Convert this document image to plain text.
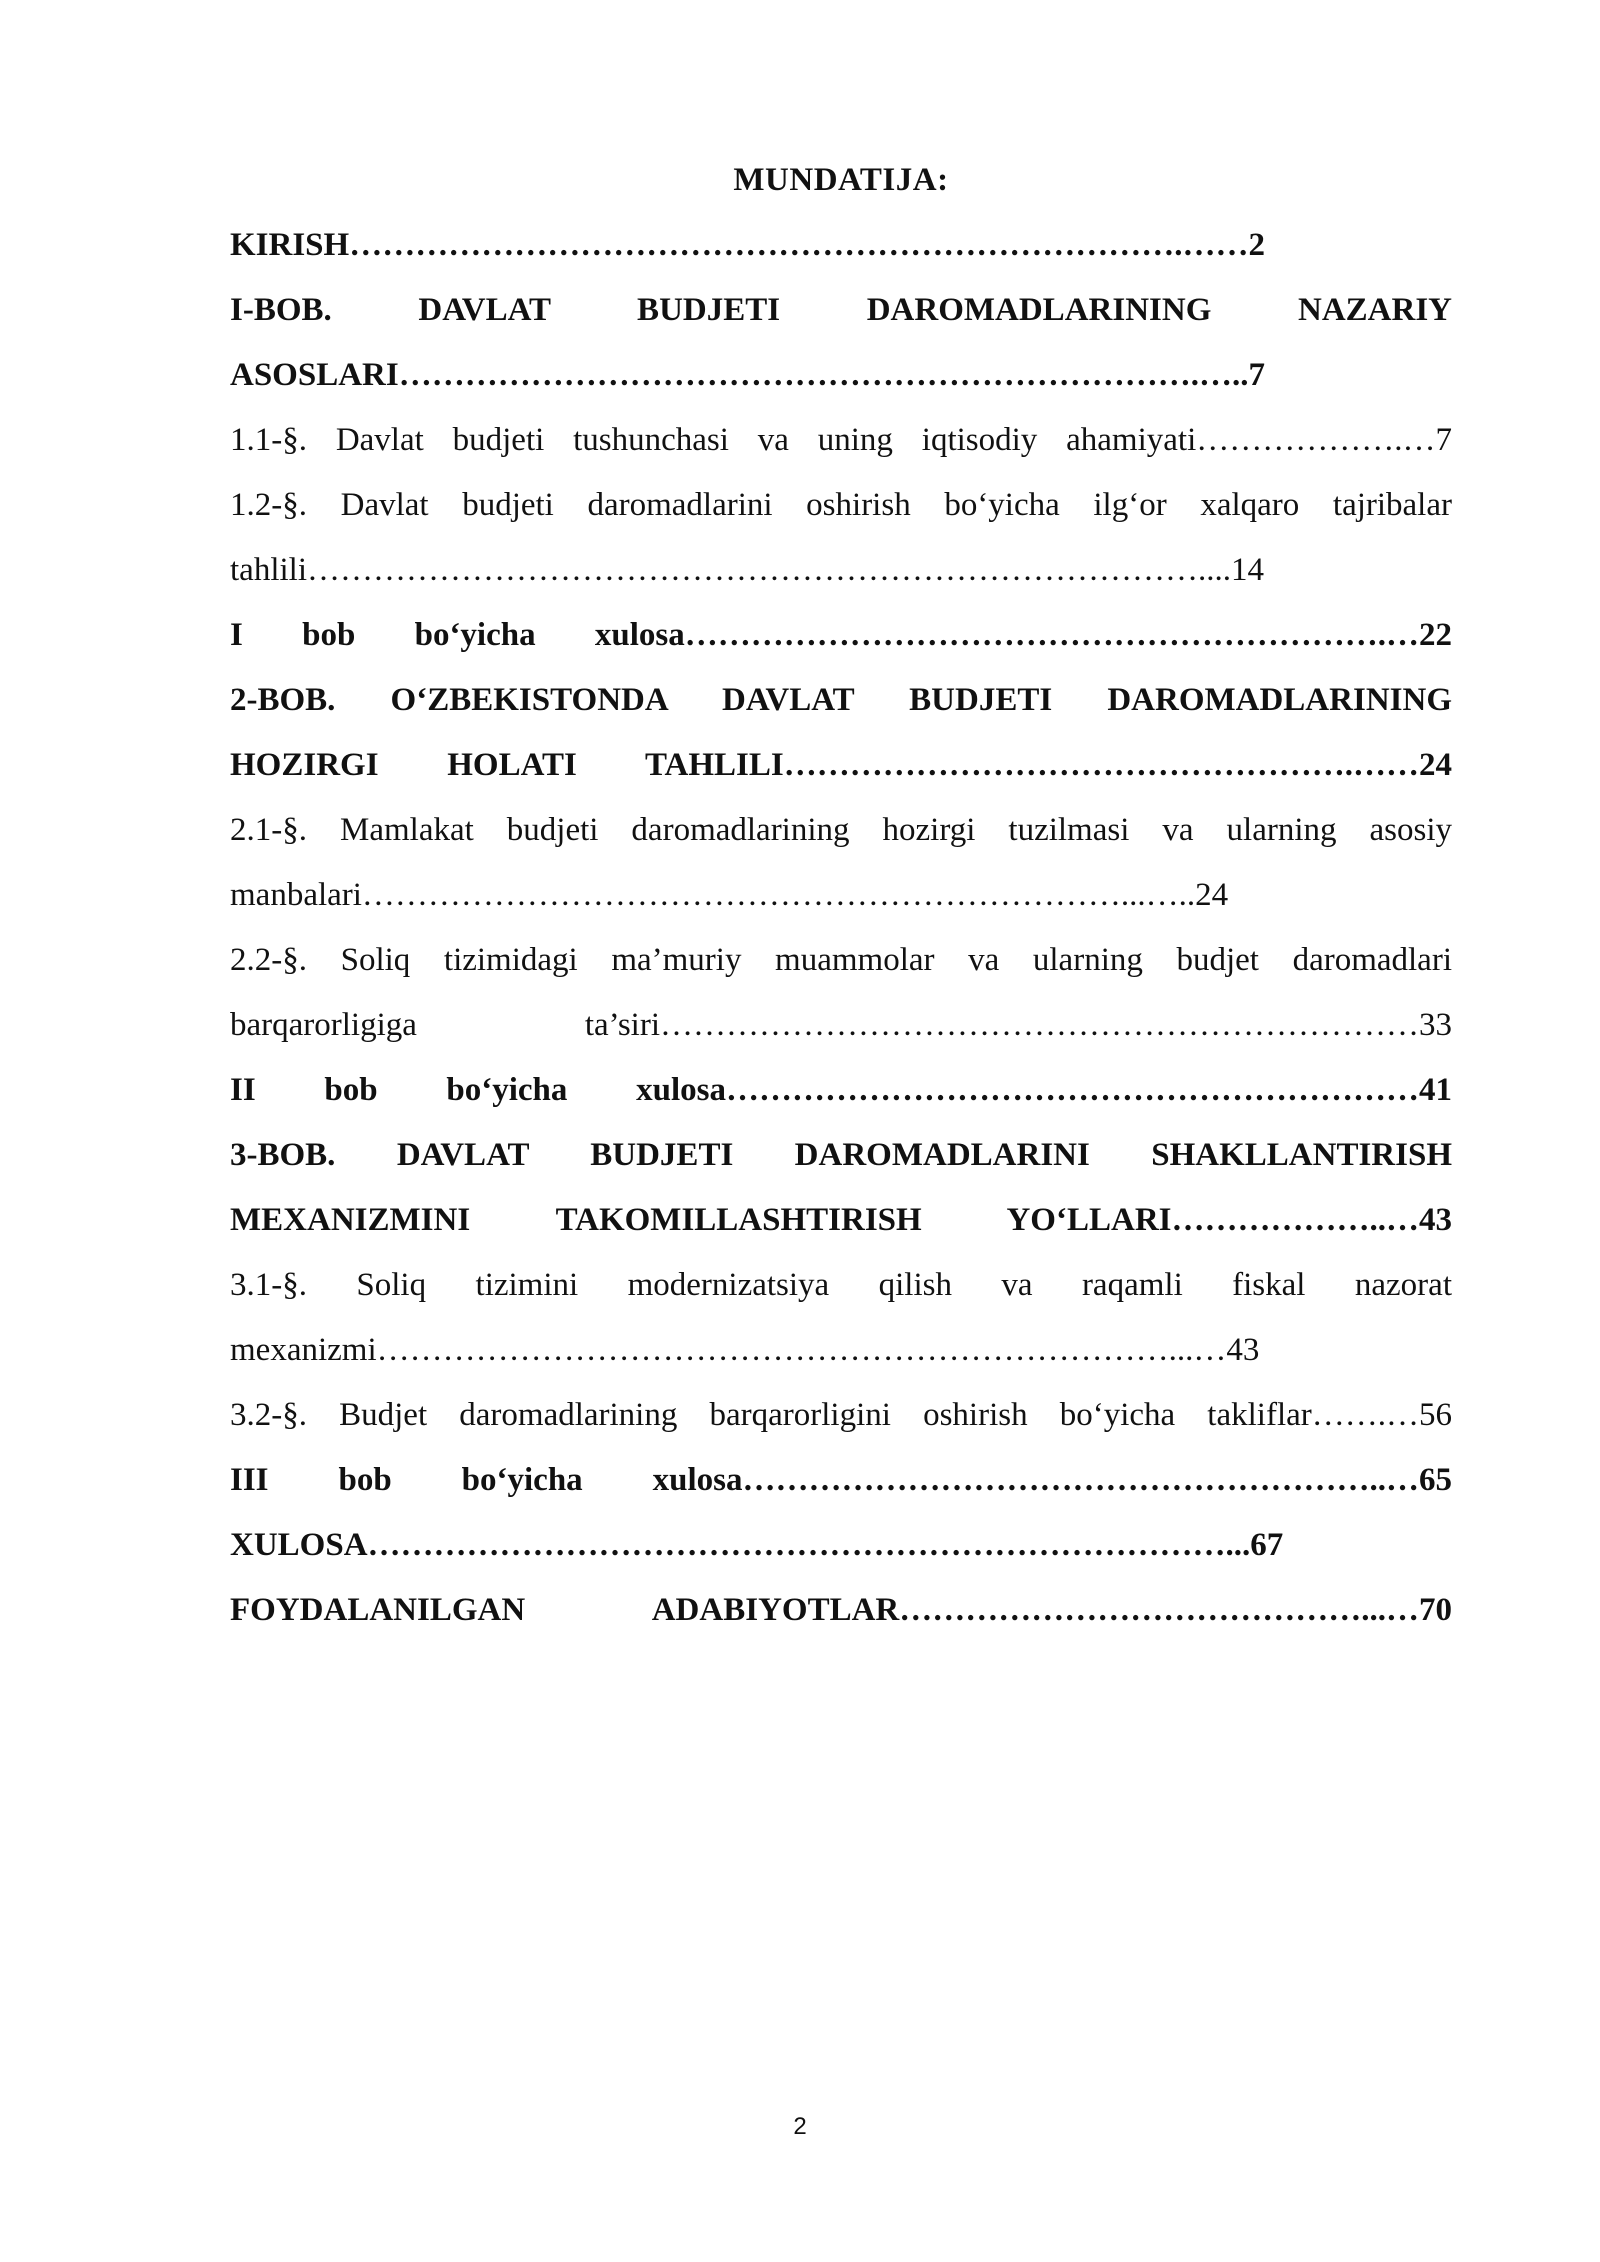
MUNDATIJA:
KIRISH………………………………………………………………….……2
I-BOB. DAVLAT BUDJETI DAROMADLARINING NAZARIY
ASOSLARI……………………………………………………………….…..7
1.1-§. Davlat budjeti tushunchasi va uning iqtisodiy ahamiyati……………….…7
1.2-§. Davlat budjeti daromadlarini oshirish bo‘yicha ilg‘or xalqaro tajribalar
tahlili………………………………………………………………………....14
I bob bo‘yicha xulosa……………………………………………………….…22
2-BOB. O‘ZBEKISTONDA DAVLAT BUDJETI DAROMADLARINING
HOZIRGI HOLATI TAHLILI…………………………………………….……24
2.1-§. Mamlakat budjeti daromadlarining hozirgi tuzilmasi va ularning asosiy
manbalari……………………………………………………………...…..24
2.2-§. Soliq tizimidagi ma’muriy muammolar va ularning budjet daromadlari
barqarorligiga ta’siri……………………………………………………………33
II bob bo‘yicha xulosa………………………………………………………41
3-BOB. DAVLAT BUDJETI DAROMADLARINI SHAKLLANTIRISH
MEXANIZMINI TAKOMILLASHTIRISH YO‘LLARI………………..…43
3.1-§. Soliq tizimini modernizatsiya qilish va raqamli fiskal nazorat
mexanizmi………………………………………………………………...…43
3.2-§. Budjet daromadlarining barqarorligini oshirish bo‘yicha takliflar…….…56
III bob bo‘yicha xulosa…………………………………………………..…65
XULOSA……………………………………………………………………...67
FOYDALANILGAN ADABIYOTLAR……………………………………...…70
2
